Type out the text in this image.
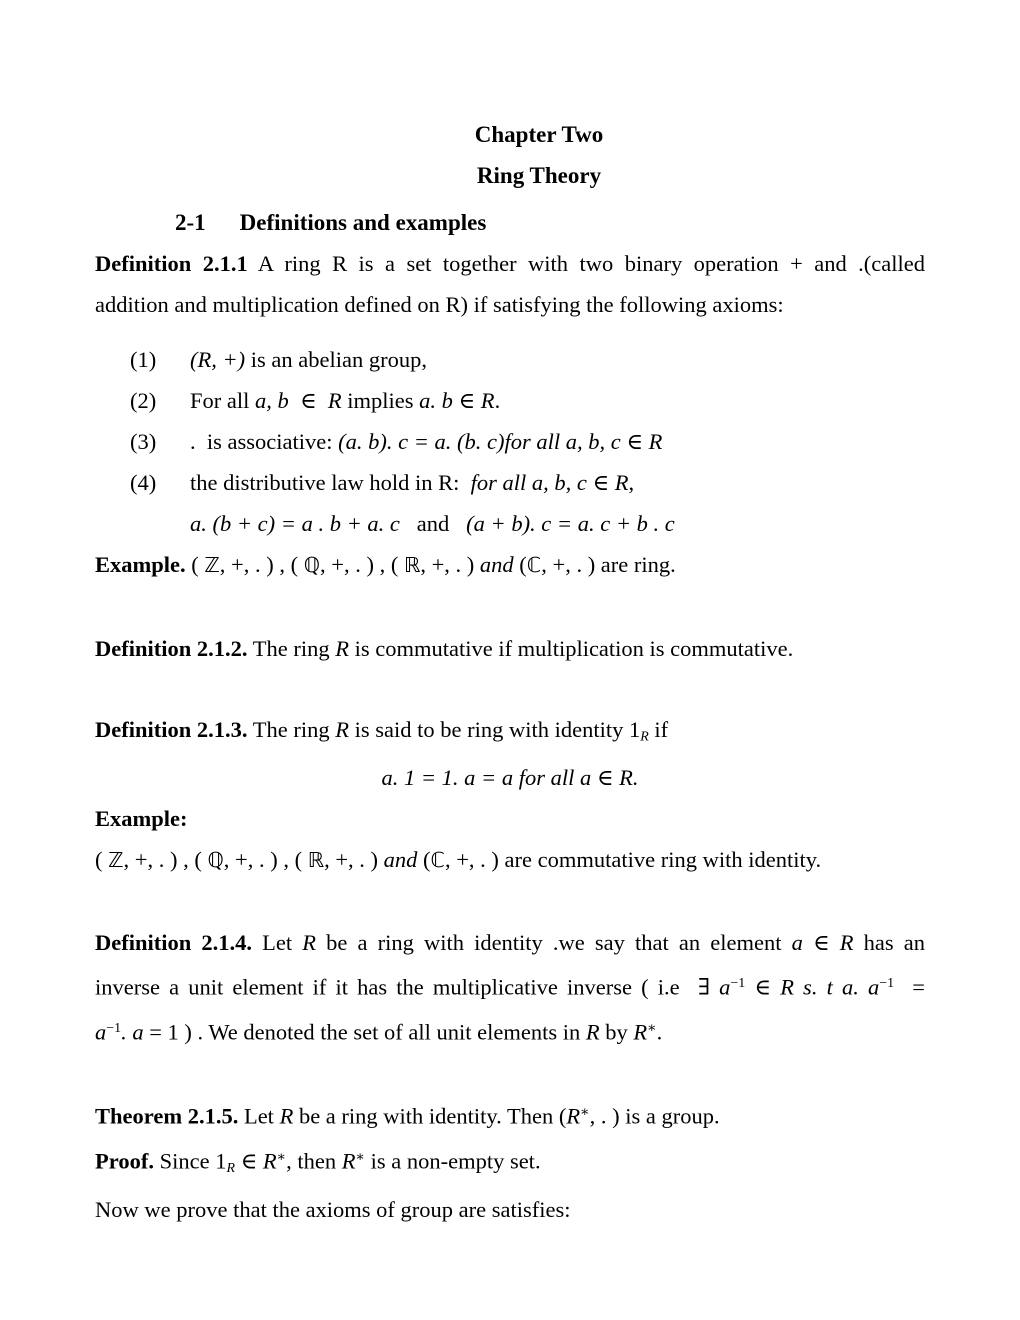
Chapter Two
Ring Theory
2-1 Definitions and examples
Definition 2.1.1 A ring R is a set together with two binary operation + and .(called
addition and multiplication defined on R) if satisfying the following axioms:
(1) (R, +) is an abelian group,
(2) For all a, b  ∈  R implies a. b ∈ R.
(3) .  is associative: (a. b). c = a. (b. c)for all a, b, c ∈ R
(4) the distributive law hold in R:  for all a, b, c ∈ R,
a. (b + c) = a . b + a. c   and   (a + b). c = a. c + b . c
Example. ( ℤ, +, . ) , ( ℚ, +, . ) , ( ℝ, +, . ) and (ℂ, +, . ) are ring.
Definition 2.1.2. The ring R is commutative if multiplication is commutative.
Definition 2.1.3. The ring R is said to be ring with identity $1_R$ if
a. 1 = 1. a = a for all a ∈ R.
Example:
( ℤ, +, . ) , ( ℚ, +, . ) , ( ℝ, +, . ) and (ℂ, +, . ) are commutative ring with identity.
Definition 2.1.4. Let R be a ring with identity .we say that an element a ∈ R has an
inverse a unit element if it has the multiplicative inverse ( i.e  ∃ $a^{-1}$ ∈ R s. t a. $a^{-1}$  =
$a^{-1}$. a = 1 ) . We denoted the set of all unit elements in R by R∗.
Theorem 2.1.5. Let R be a ring with identity. Then (R∗, . ) is a group.
Proof. Since $1_R$ ∈ R∗, then R∗ is a non-empty set.
Now we prove that the axioms of group are satisfies:
